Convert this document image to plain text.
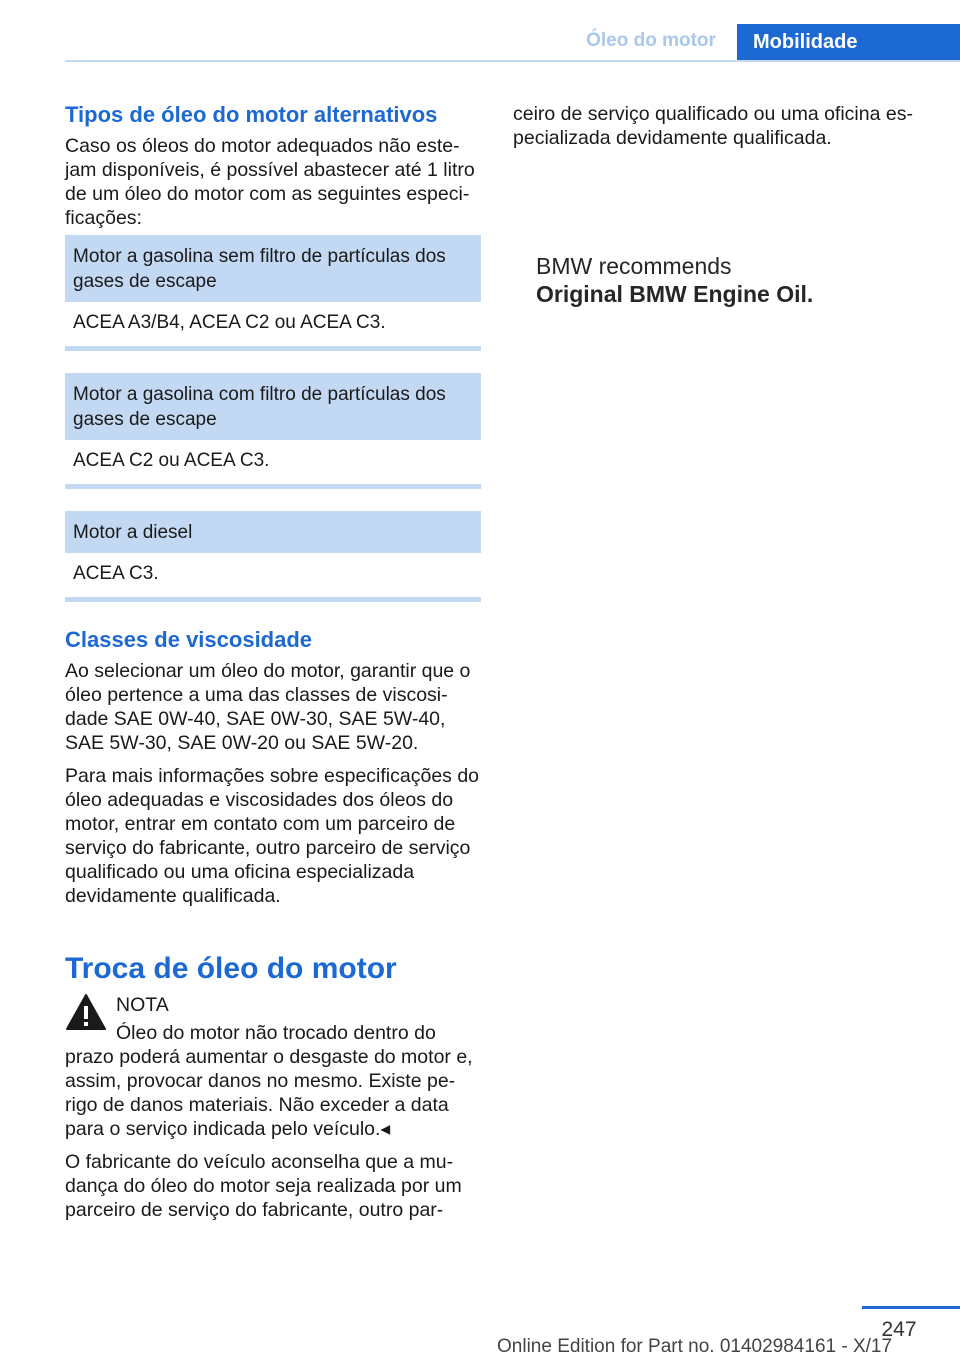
Óleo do motor	Mobilidade
Tipos de óleo do motor alternativos

Caso os óleos do motor adequados não estejam disponíveis, é possível abastecer até 1 litro de um óleo do motor com as seguintes especificações:

Motor a gasolina sem filtro de partículas dos gases de escape
ACEA A3/B4, ACEA C2 ou ACEA C3.
Motor a gasolina com filtro de partículas dos gases de escape
ACEA C2 ou ACEA C3.
Motor a diesel
ACEA C3.
Classes de viscosidade

Ao selecionar um óleo do motor, garantir que o óleo pertence a uma das classes de viscosidade SAE 0W-40, SAE 0W-30, SAE 5W-40, SAE 5W-30, SAE 0W-20 ou SAE 5W-20.

Para mais informações sobre especificações do óleo adequadas e viscosidades dos óleos do motor, entrar em contato com um parceiro de serviço do fabricante, outro parceiro de serviço qualificado ou uma oficina especializada devidamente qualificada.

Troca de óleo do motor

NOTA

Óleo do motor não trocado dentro do prazo poderá aumentar o desgaste do motor e, assim, provocar danos no mesmo. Existe perigo de danos materiais. Não exceder a data para o serviço indicada pelo veículo.◂

O fabricante do veículo aconselha que a mudança do óleo do motor seja realizada por um parceiro de serviço do fabricante, outro par-

ceiro de serviço qualificado ou uma oficina especializada devidamente qualificada.

BMW recommends
Original BMW Engine Oil.
247
Online Edition for Part no. 01402984161 - X/17
